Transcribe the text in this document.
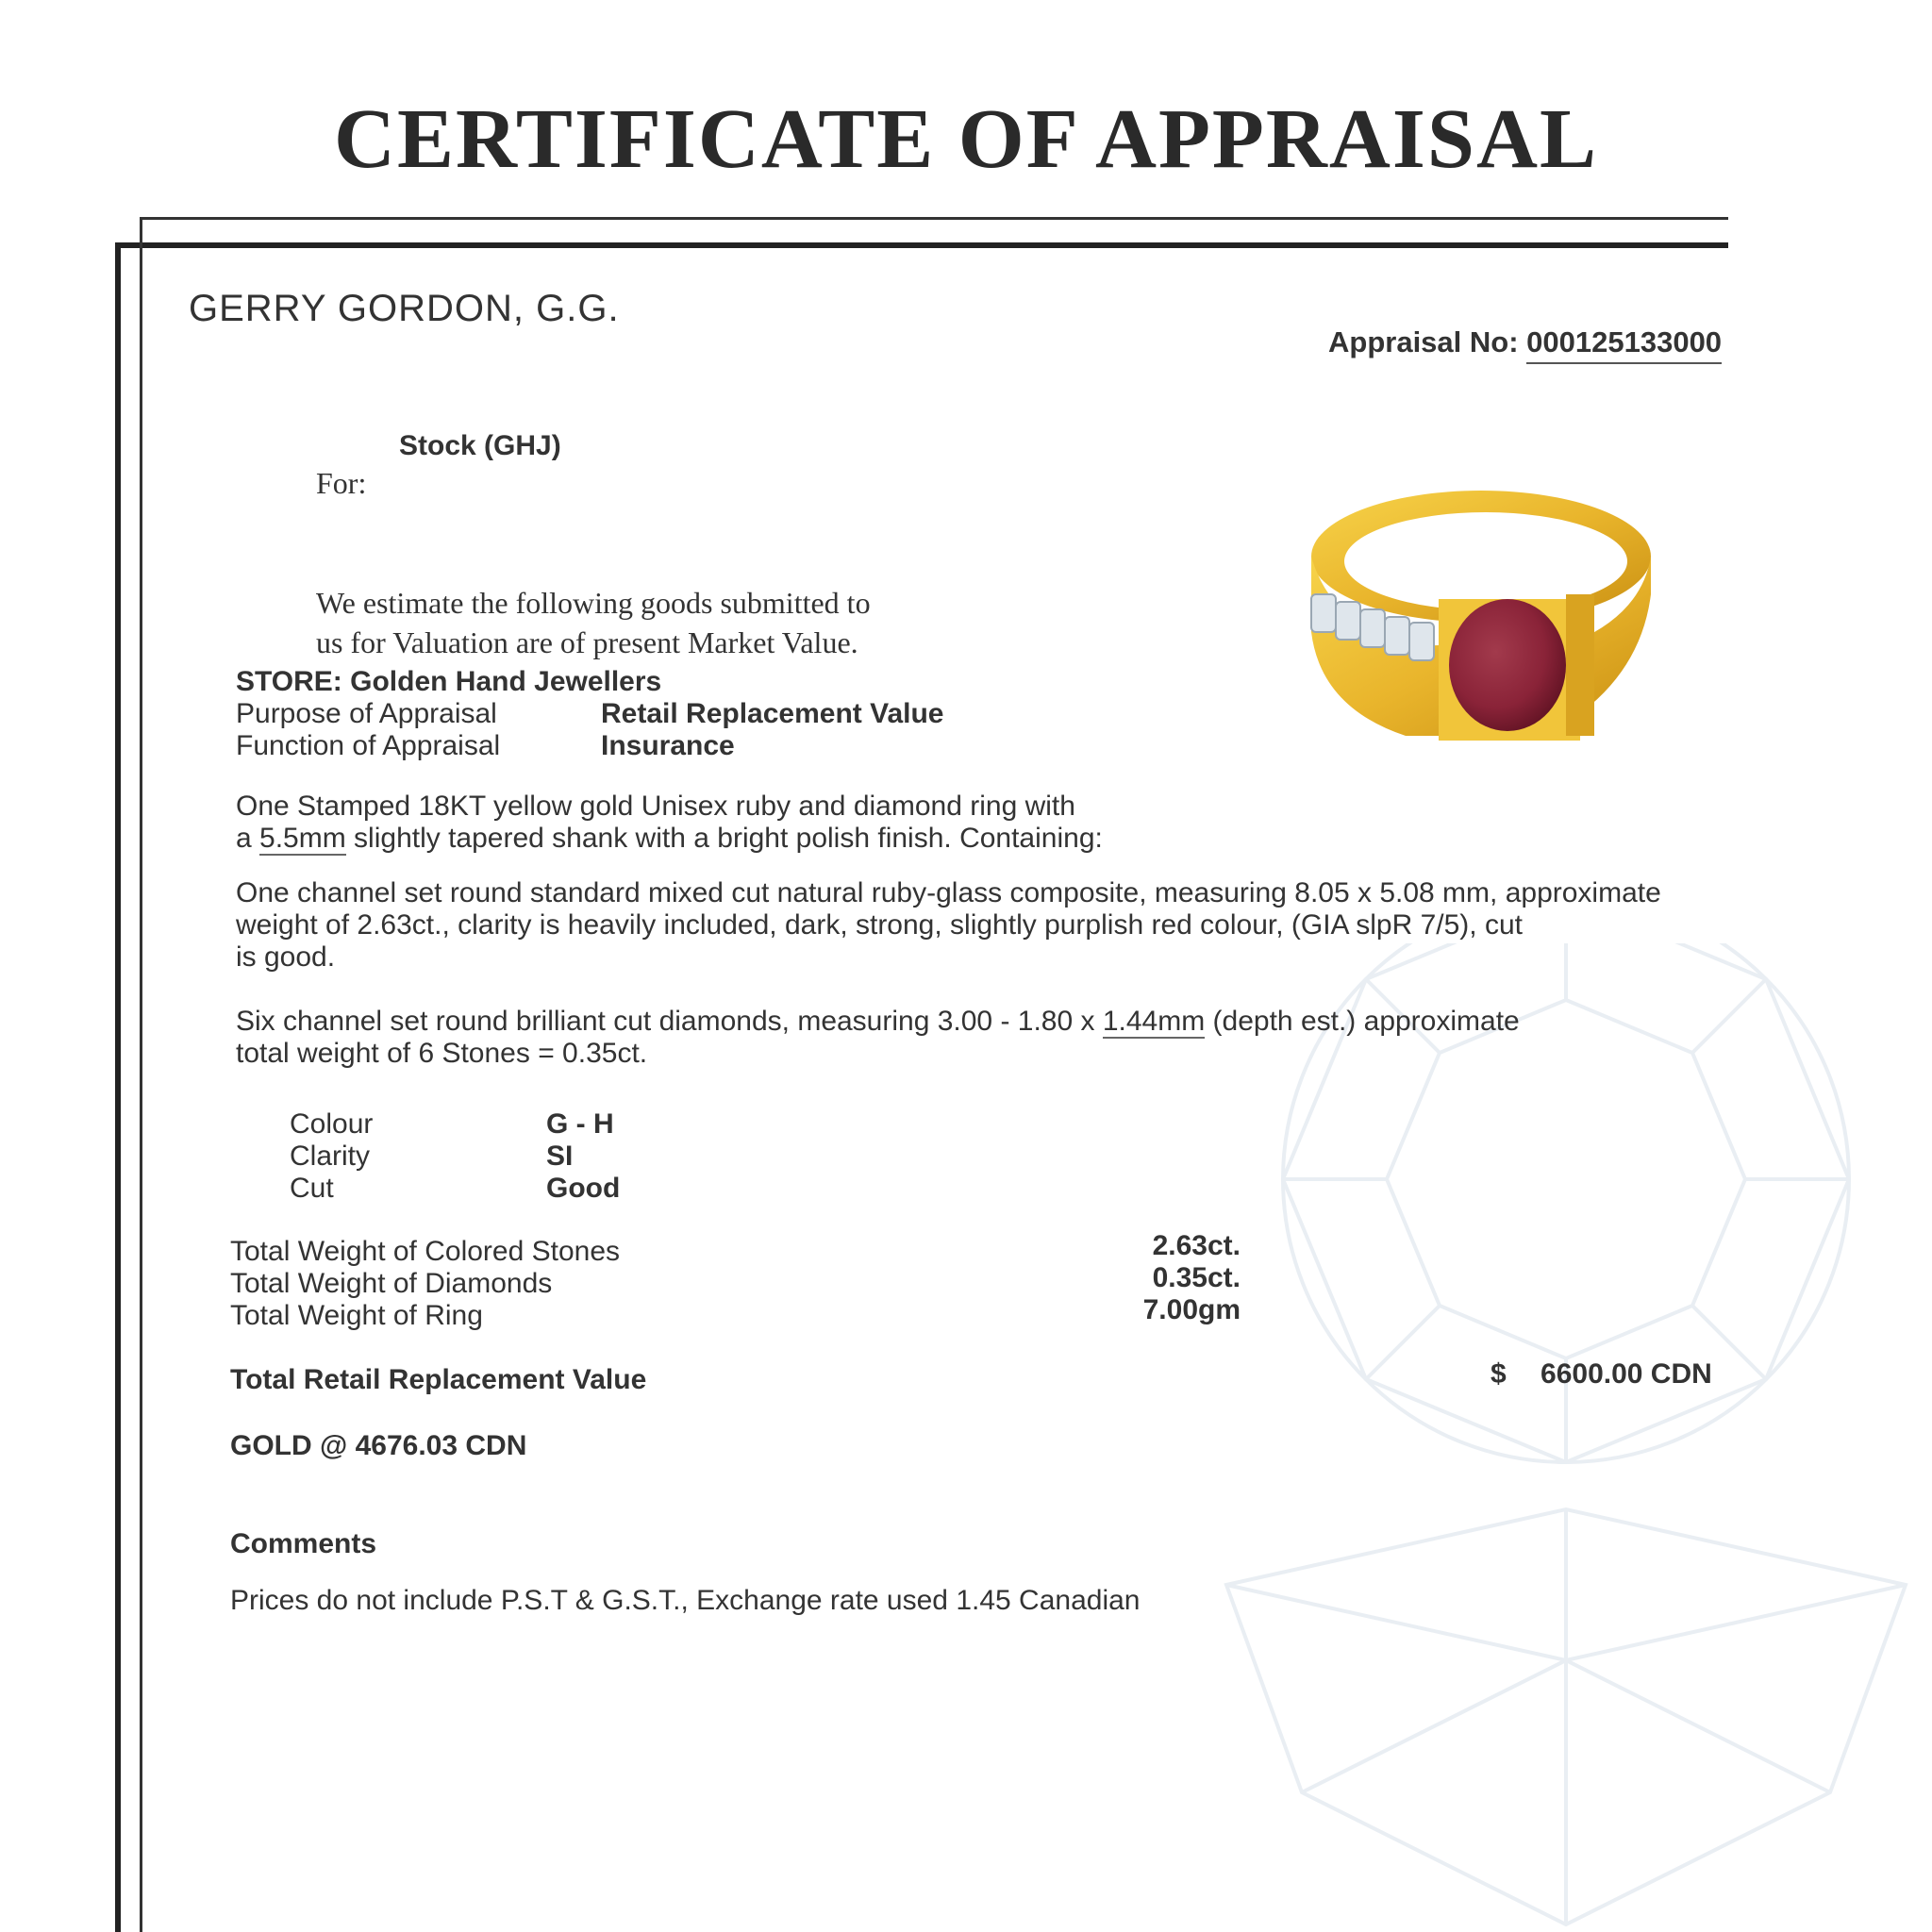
CERTIFICATE OF APPRAISAL
GERRY GORDON, G.G.
Appraisal No: 000125133000
Stock (GHJ)
For:
We estimate the following goods submitted to
us for Valuation are of present Market Value.
STORE: Golden Hand Jewellers
Purpose of Appraisal	Retail Replacement Value
Function of Appraisal	Insurance
One Stamped 18KT yellow gold Unisex ruby and diamond ring with
a 5.5mm slightly tapered shank with a bright polish finish. Containing:
One channel set round standard mixed cut natural ruby-glass composite, measuring 8.05 x 5.08 mm, approximate
weight of 2.63ct., clarity is heavily included, dark, strong, slightly purplish red colour, (GIA slpR 7/5), cut
is good.
Six channel set round brilliant cut diamonds, measuring 3.00 - 1.80 x 1.44mm (depth est.) approximate
total weight of 6 Stones = 0.35ct.
Colour	G - H
Clarity	SI
Cut	Good
Total Weight of Colored Stones	2.63ct.
Total Weight of Diamonds	0.35ct.
Total Weight of Ring	7.00gm
Total Retail Replacement Value	$ 6600.00 CDN
GOLD @ 4676.03 CDN
Comments
Prices do not include P.S.T & G.S.T., Exchange rate used 1.45 Canadian
